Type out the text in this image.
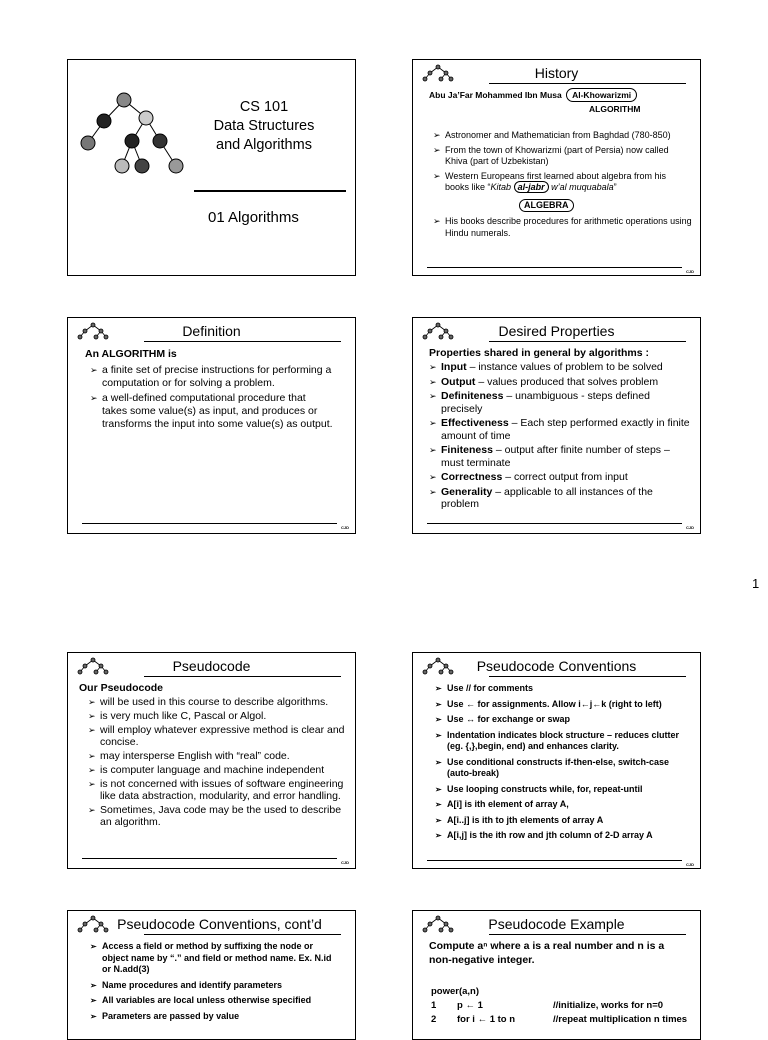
CS 101
Data Structures
and Algorithms
01 Algorithms
History
Abu Ja’Far Mohammed Ibn Musa Al-Khowarizmi
ALGORITHM
➢ Astronomer and Mathematician from Baghdad (780-850)
➢ From the town of Khowarizmi (part of Persia) now called Khiva (part of Uzbekistan)
➢ Western Europeans first learned about algebra from his books like “Kitab al-jabr w’al muquabala”
ALGEBRA
➢ His books describe procedures for arithmetic operations using Hindu numerals.
CJD
Definition
An ALGORITHM is
➢ a finite set of precise instructions for performing a computation or for solving a problem.
➢ a well-defined computational procedure that takes some value(s) as input, and produces or transforms the input into some value(s) as output.
CJD
Desired Properties
Properties shared in general by algorithms :
➢ Input – instance values of problem to be solved
➢ Output – values produced that solves problem
➢ Definiteness – unambiguous - steps defined precisely
➢ Effectiveness – Each step performed exactly in finite amount of time
➢ Finiteness – output after finite number of steps – must terminate
➢ Correctness – correct output from input
➢ Generality – applicable to all instances of the problem
CJD
1
Pseudocode
Our Pseudocode
➢ will be used in this course to describe algorithms.
➢ is very much like C, Pascal or Algol.
➢ will employ whatever expressive method is clear and concise.
➢ may intersperse English with “real” code.
➢ is computer language and machine independent
➢ is not concerned with issues of software engineering like data abstraction, modularity, and error handling.
➢ Sometimes, Java code may be the used to describe an algorithm.
CJD
Pseudocode Conventions
➢ Use // for comments
➢ Use ← for assignments. Allow i←j←k (right to left)
➢ Use ↔ for exchange or swap
➢ Indentation indicates block structure – reduces clutter (eg. {,},begin, end) and enhances clarity.
➢ Use conditional constructs if-then-else, switch-case (auto-break)
➢ Use looping constructs while, for, repeat-until
➢ A[i] is ith element of array A,
➢ A[i..j] is ith to jth elements of array A
➢ A[i,j] is the ith row and jth column of 2-D array A
CJD
Pseudocode Conventions, cont’d
➢ Access a field or method by suffixing the node or object name by “.” and field or method name. Ex. N.id or N.add(3)
➢ Name procedures and identify parameters
➢ All variables are local unless otherwise specified
➢ Parameters are passed by value
Pseudocode Example
Compute aⁿ where a is a real number and n is a non-negative integer.
power(a,n)
1	p ← 1	//initialize, works for n=0
2	for i ← 1 to n	//repeat multiplication n times
